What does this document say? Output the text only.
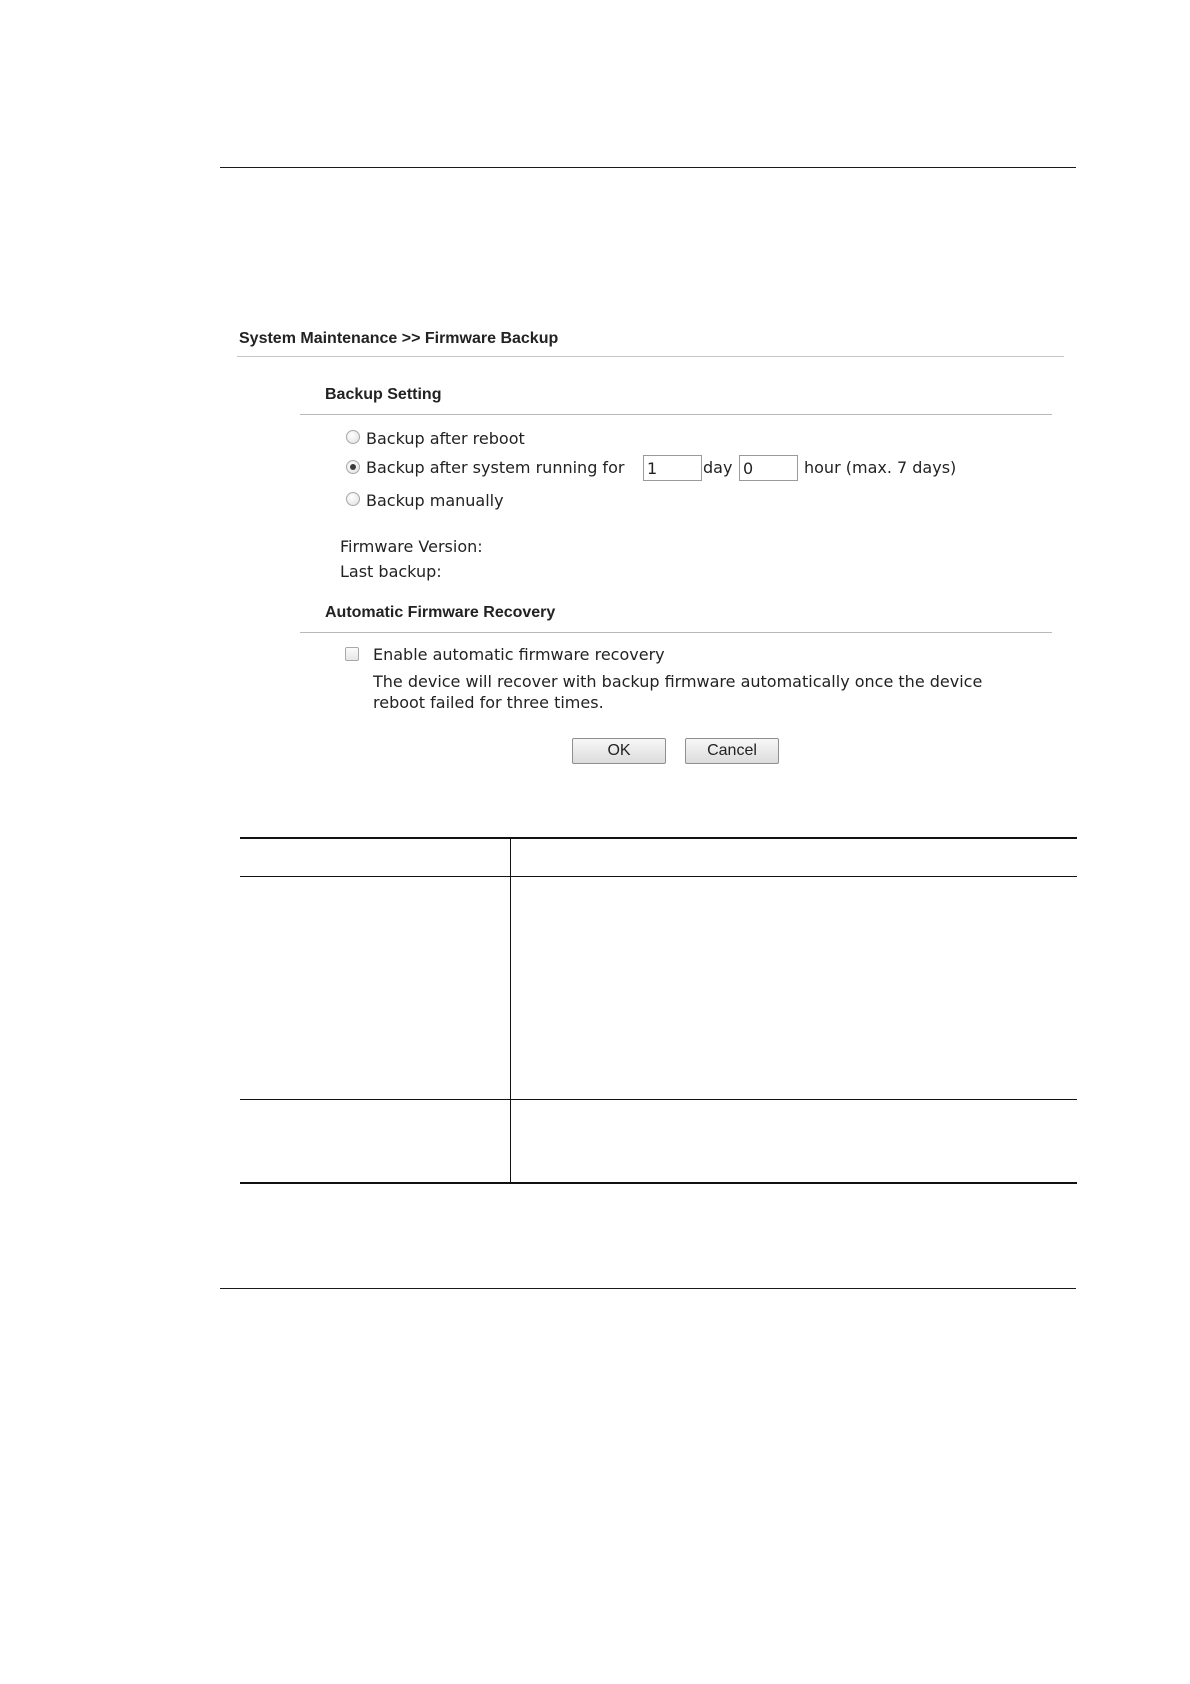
System Maintenance >> Firmware Backup
Backup Setting
Backup after reboot
Backup after system running for
1	day
0	hour (max. 7 days)
Backup manually
Firmware Version:
Last backup:
Automatic Firmware Recovery
Enable automatic firmware recovery
The device will recover with backup firmware automatically once the device
reboot failed for three times.
OK	Cancel
